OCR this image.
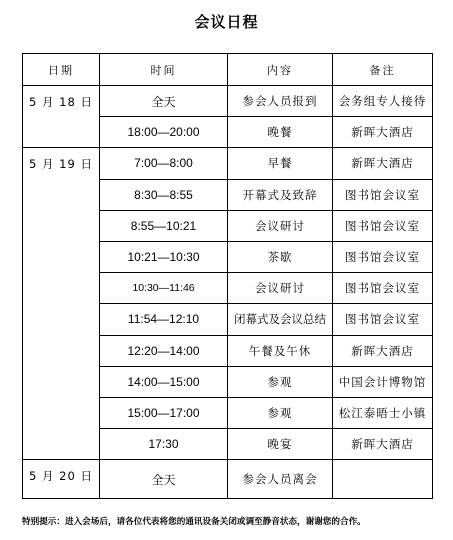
会议日程
日期	时间	内容	备注
5 月 18 日	全天	参会人员报到	会务组专人接待
	18:00—20:00	晚餐	新晖大酒店
5 月 19 日	7:00—8:00	早餐	新晖大酒店
	8:30—8:55	开幕式及致辞	图书馆会议室
	8:55—10:21	会议研讨	图书馆会议室
	10:21—10:30	茶歇	图书馆会议室
	10:30—11:46	会议研讨	图书馆会议室
	11:54—12:10	闭幕式及会议总结	图书馆会议室
	12:20—14:00	午餐及午休	新晖大酒店
	14:00—15:00	参观	中国会计博物馆
	15:00—17:00	参观	松江泰晤士小镇
	17:30	晚宴	新晖大酒店
5 月 20 日	全天	参会人员离会	
特别提示：进入会场后，请各位代表将您的通讯设备关闭或调至静音状态，谢谢您的合作。
